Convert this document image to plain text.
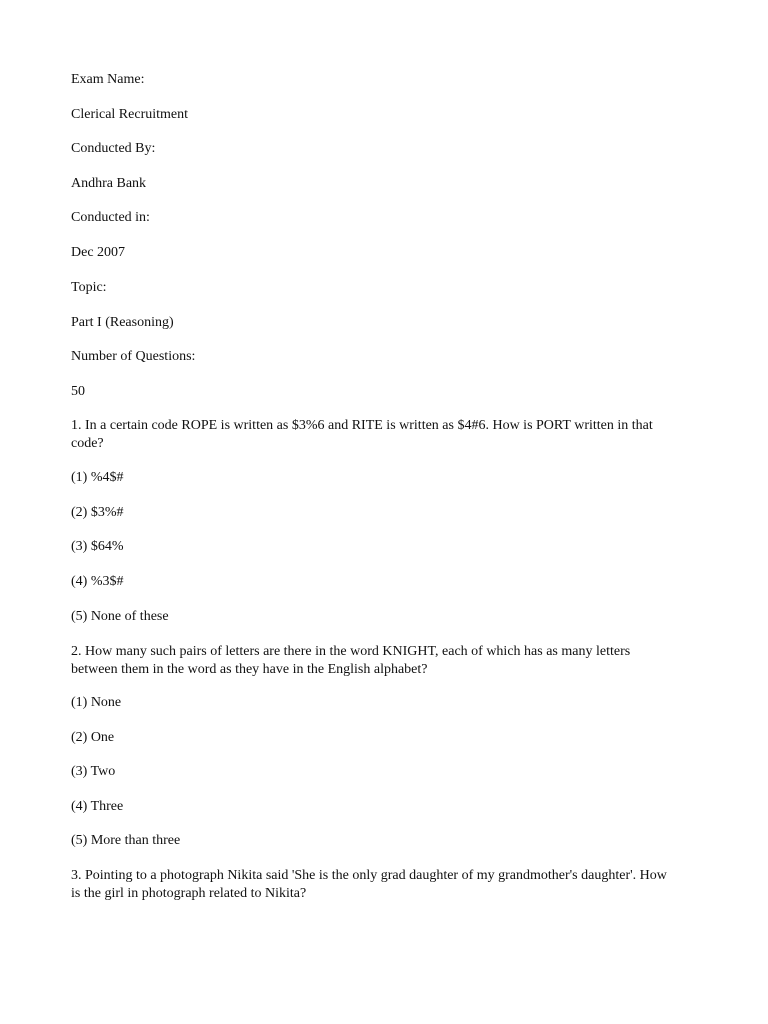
Exam Name:
Clerical Recruitment
Conducted By:
Andhra Bank
Conducted in:
Dec 2007
Topic:
Part I (Reasoning)
Number of Questions:
50
1. In a certain code ROPE is written as $3%6 and RITE is written as $4#6. How is PORT written in that code?
(1) %4$#
(2) $3%#
(3) $64%
(4) %3$#
(5) None of these
2. How many such pairs of letters are there in the word KNIGHT, each of which has as many letters between them in the word as they have in the English alphabet?
(1) None
(2) One
(3) Two
(4) Three
(5) More than three
3. Pointing to a photograph Nikita said 'She is the only grad daughter of my grandmother's daughter'. How is the girl in photograph related to Nikita?
